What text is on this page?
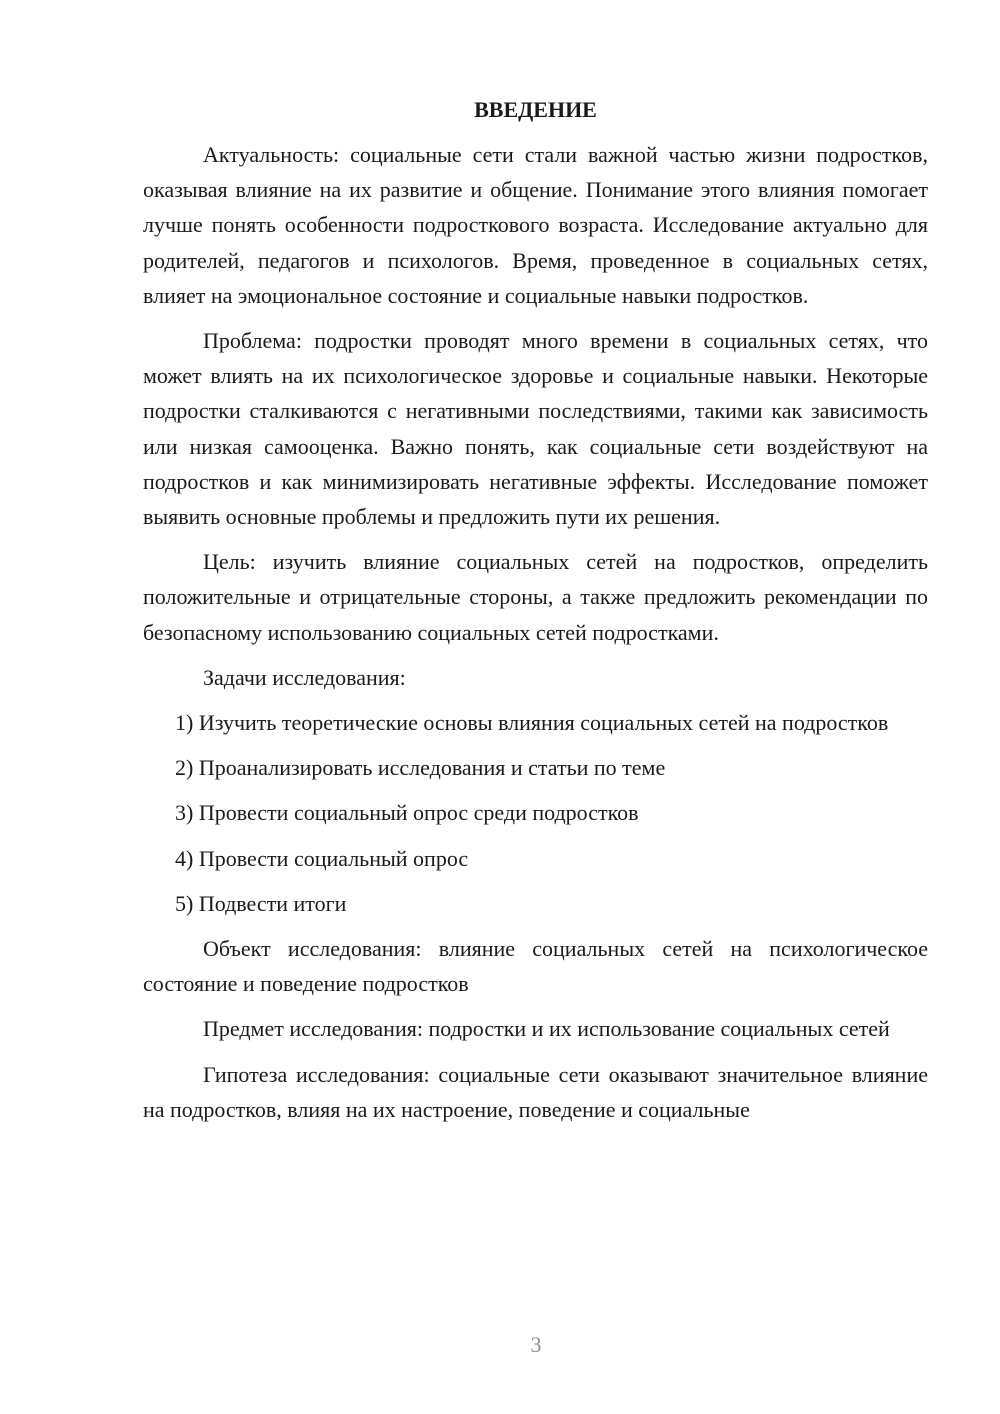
ВВЕДЕНИЕ

Актуальность: социальные сети стали важной частью жизни подростков, оказывая влияние на их развитие и общение. Понимание этого влияния помогает лучше понять особенности подросткового возраста. Исследование актуально для родителей, педагогов и психологов. Время, проведенное в социальных сетях, влияет на эмоциональное состояние и социальные навыки подростков.

Проблема: подростки проводят много времени в социальных сетях, что может влиять на их психологическое здоровье и социальные навыки. Некоторые подростки сталкиваются с негативными последствиями, такими как зависимость или низкая самооценка. Важно понять, как социальные сети воздействуют на подростков и как минимизировать негативные эффекты. Исследование поможет выявить основные проблемы и предложить пути их решения.

Цель: изучить влияние социальных сетей на подростков, определить положительные и отрицательные стороны, а также предложить рекомендации по безопасному использованию социальных сетей подростками.

Задачи исследования:

1) Изучить теоретические основы влияния социальных сетей на подростков

2) Проанализировать исследования и статьи по теме

3) Провести социальный опрос среди подростков

4) Провести социальный опрос

5) Подвести итоги

Объект исследования: влияние социальных сетей на психологическое состояние и поведение подростков

Предмет исследования: подростки и их использование социальных сетей

Гипотеза исследования: социальные сети оказывают значительное влияние на подростков, влияя на их настроение, поведение и социальные

3
